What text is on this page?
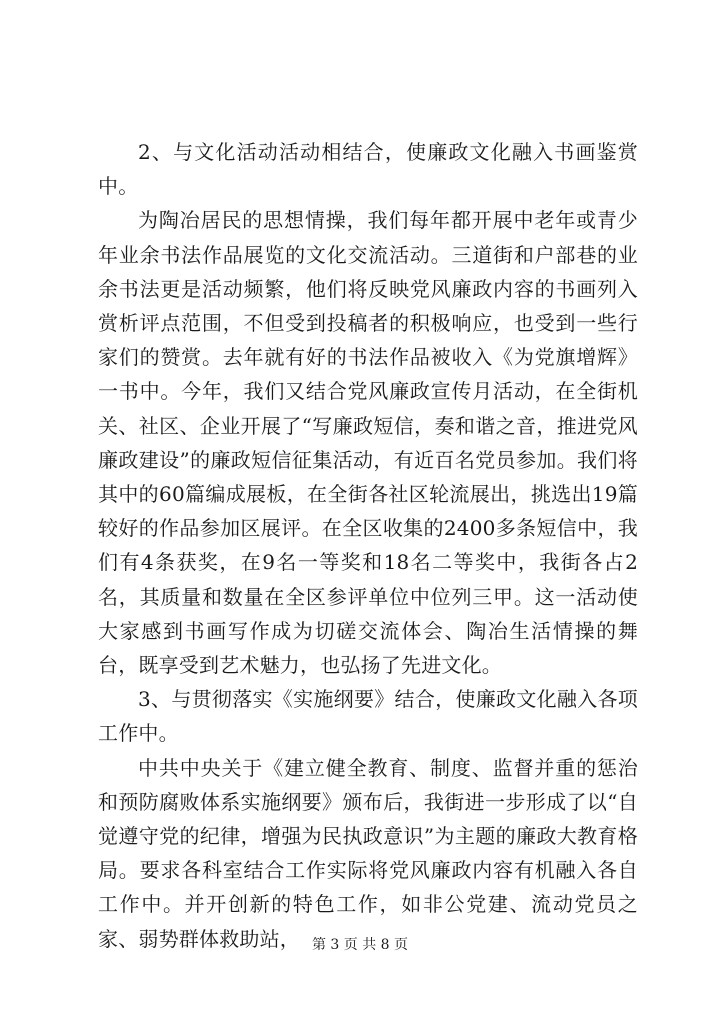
2、与文化活动活动相结合，使廉政文化融入书画鉴赏中。

为陶冶居民的思想情操，我们每年都开展中老年或青少年业余书法作品展览的文化交流活动。三道街和户部巷的业余书法更是活动频繁，他们将反映党风廉政内容的书画列入赏析评点范围，不但受到投稿者的积极响应，也受到一些行家们的赞赏。去年就有好的书法作品被收入《为党旗增辉》一书中。今年，我们又结合党风廉政宣传月活动，在全街机关、社区、企业开展了“写廉政短信，奏和谐之音，推进党风廉政建设”的廉政短信征集活动，有近百名党员参加。我们将其中的60篇编成展板，在全街各社区轮流展出，挑选出19篇较好的作品参加区展评。在全区收集的2400多条短信中，我们有4条获奖，在9名一等奖和18名二等奖中，我街各占2名，其质量和数量在全区参评单位中位列三甲。这一活动使大家感到书画写作成为切磋交流体会、陶冶生活情操的舞台，既享受到艺术魅力，也弘扬了先进文化。

3、与贯彻落实《实施纲要》结合，使廉政文化融入各项工作中。

中共中央关于《建立健全教育、制度、监督并重的惩治和预防腐败体系实施纲要》颁布后，我街进一步形成了以“自觉遵守党的纪律，增强为民执政意识”为主题的廉政大教育格局。要求各科室结合工作实际将党风廉政内容有机融入各自工作中。并开创新的特色工作，如非公党建、流动党员之家、弱势群体救助站， 第 3 页 共 8 页
